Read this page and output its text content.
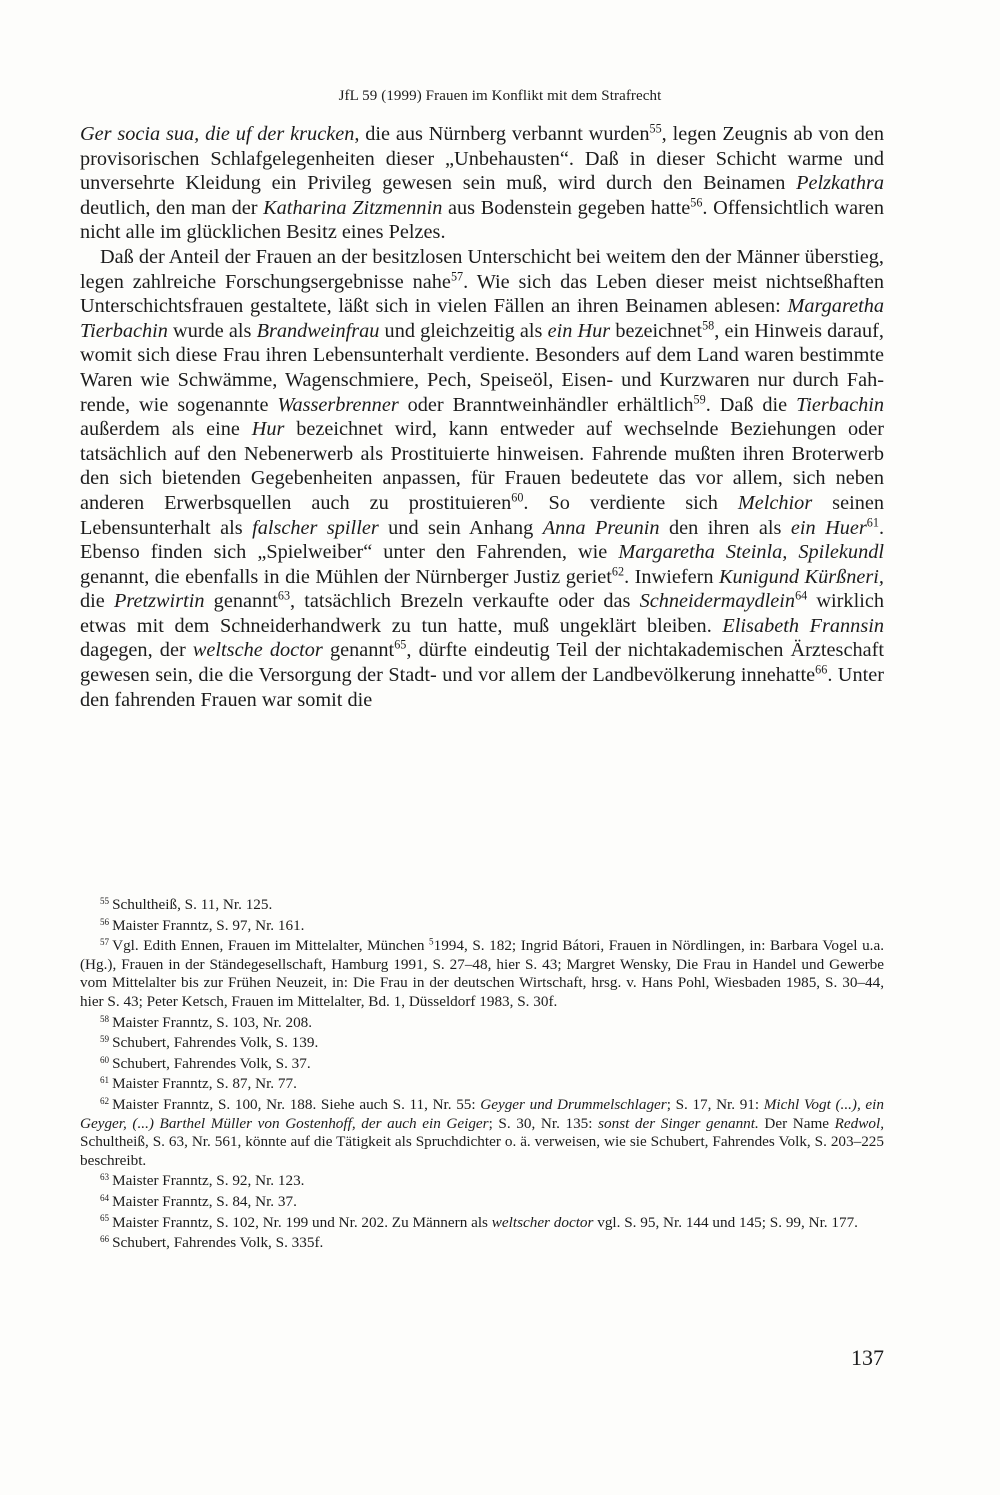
JfL 59 (1999) Frauen im Konflikt mit dem Strafrecht

Ger socia sua, die uf der krucken, die aus Nürnberg verbannt wurden$^{55}$, legen Zeugnis ab von den provisorischen Schlafgelegenheiten dieser „Unbehausten“. Daß in dieser Schicht warme und unversehrte Kleidung ein Privileg gewesen sein muß, wird durch den Beinamen Pelzkathra deutlich, den man der Katharina Zitzmennin aus Bodenstein gegeben hatte$^{56}$. Offensichtlich waren nicht alle im glücklichen Besitz eines Pelzes.

Daß der Anteil der Frauen an der besitzlosen Unterschicht bei weitem den der Männer überstieg, legen zahlreiche Forschungsergebnisse nahe$^{57}$. Wie sich das Leben dieser meist nichtseßhaften Unterschichtsfrauen gestaltete, läßt sich in vielen Fällen an ihren Beinamen ablesen: Margaretha Tierbachin wurde als Brandweinfrau und gleichzeitig als ein Hur bezeichnet$^{58}$, ein Hinweis darauf, womit sich diese Frau ihren Lebensunterhalt verdiente. Besonders auf dem Land waren bestimmte Waren wie Schwämme, Wagenschmiere, Pech, Speiseöl, Eisen- und Kurzwaren nur durch Fahrende, wie sogenannte Wasserbrenner oder Branntweinhändler erhältlich$^{59}$. Daß die Tierbachin außerdem als eine Hur bezeichnet wird, kann entweder auf wechselnde Beziehungen oder tatsächlich auf den Nebenerwerb als Prostituierte hinweisen. Fahrende mußten ihren Broterwerb den sich bietenden Gegebenheiten anpassen, für Frauen bedeutete das vor allem, sich neben anderen Erwerbsquellen auch zu prostituieren$^{60}$. So verdiente sich Melchior seinen Lebensunterhalt als falscher spiller und sein Anhang Anna Preunin den ihren als ein Huer$^{61}$. Ebenso finden sich „Spielweiber“ unter den Fahrenden, wie Margaretha Steinla, Spilekundl genannt, die ebenfalls in die Mühlen der Nürnberger Justiz geriet$^{62}$. Inwiefern Kunigund Kürßneri, die Pretzwirtin genannt$^{63}$, tatsächlich Brezeln verkaufte oder das Schneidermaydlein$^{64}$ wirklich etwas mit dem Schneiderhandwerk zu tun hatte, muß ungeklärt bleiben. Elisabeth Frannsin dagegen, der weltsche doctor genannt$^{65}$, dürfte eindeutig Teil der nichtakademischen Ärzteschaft gewesen sein, die die Versorgung der Stadt- und vor allem der Landbevölkerung innehatte$^{66}$. Unter den fahrenden Frauen war somit die

$^{55}$ Schultheiß, S. 11, Nr. 125.

$^{56}$ Maister Franntz, S. 97, Nr. 161.

$^{57}$ Vgl. Edith Ennen, Frauen im Mittelalter, München $^5$1994, S. 182; Ingrid Bátori, Frauen in Nördlingen, in: Barbara Vogel u.a. (Hg.), Frauen in der Ständegesellschaft, Hamburg 1991, S. 27–48, hier S. 43; Margret Wensky, Die Frau in Handel und Gewerbe vom Mittelalter bis zur Frühen Neuzeit, in: Die Frau in der deutschen Wirtschaft, hrsg. v. Hans Pohl, Wiesbaden 1985, S. 30–44, hier S. 43; Peter Ketsch, Frauen im Mittelalter, Bd. 1, Düsseldorf 1983, S. 30f.

$^{58}$ Maister Franntz, S. 103, Nr. 208.

$^{59}$ Schubert, Fahrendes Volk, S. 139.

$^{60}$ Schubert, Fahrendes Volk, S. 37.

$^{61}$ Maister Franntz, S. 87, Nr. 77.

$^{62}$ Maister Franntz, S. 100, Nr. 188. Siehe auch S. 11, Nr. 55: Geyger und Drummelschlager; S. 17, Nr. 91: Michl Vogt (...), ein Geyger, (...) Barthel Müller von Gostenhoff, der auch ein Geiger; S. 30, Nr. 135: sonst der Singer genannt. Der Name Redwol, Schultheiß, S. 63, Nr. 561, könnte auf die Tätigkeit als Spruchdichter o. ä. verweisen, wie sie Schubert, Fahrendes Volk, S. 203–225 beschreibt.

$^{63}$ Maister Franntz, S. 92, Nr. 123.

$^{64}$ Maister Franntz, S. 84, Nr. 37.

$^{65}$ Maister Franntz, S. 102, Nr. 199 und Nr. 202. Zu Männern als weltscher doctor vgl. S. 95, Nr. 144 und 145; S. 99, Nr. 177.

$^{66}$ Schubert, Fahrendes Volk, S. 335f.

137
